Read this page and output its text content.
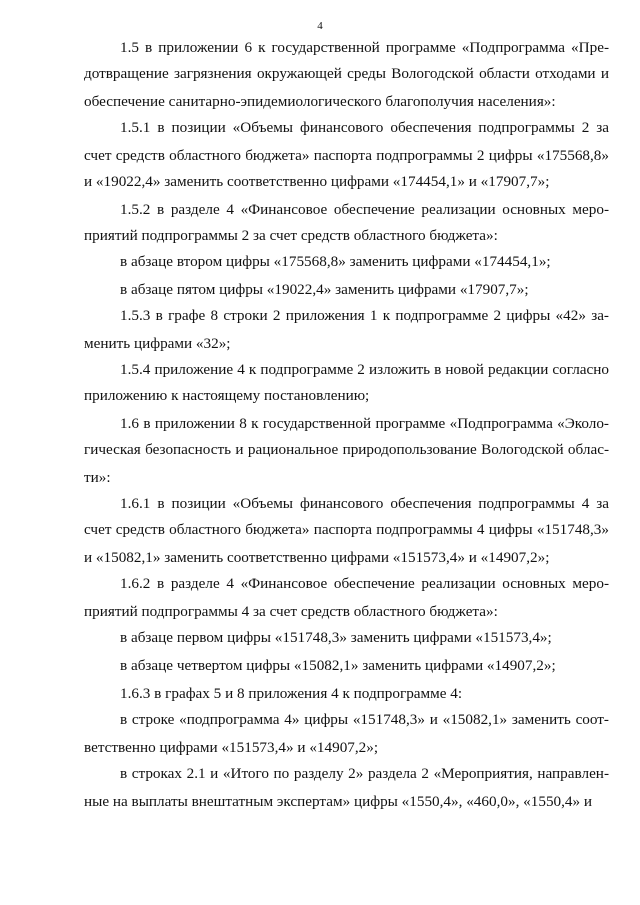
4
1.5 в приложении 6 к государственной программе «Подпрограмма «Пре-
дотвращение загрязнения окружающей среды Вологодской области отходами и
обеспечение санитарно-эпидемиологического благополучия населения»:
1.5.1 в позиции «Объемы финансового обеспечения подпрограммы 2 за
счет средств областного бюджета» паспорта подпрограммы 2 цифры «175568,8»
и «19022,4» заменить соответственно цифрами «174454,1» и «17907,7»;
1.5.2 в разделе 4 «Финансовое обеспечение реализации основных меро-
приятий подпрограммы 2 за счет средств областного бюджета»:
в абзаце втором цифры «175568,8» заменить цифрами «174454,1»;
в абзаце пятом цифры «19022,4» заменить цифрами «17907,7»;
1.5.3 в графе 8 строки 2 приложения 1 к подпрограмме 2 цифры «42» за-
менить цифрами «32»;
1.5.4 приложение 4 к подпрограмме 2 изложить в новой редакции согласно
приложению к настоящему постановлению;
1.6 в приложении 8 к государственной программе «Подпрограмма «Эколо-
гическая безопасность и рациональное природопользование Вологодской облас-
ти»:
1.6.1 в позиции «Объемы финансового обеспечения подпрограммы 4 за
счет средств областного бюджета» паспорта подпрограммы 4 цифры «151748,3»
и «15082,1» заменить соответственно цифрами «151573,4» и «14907,2»;
1.6.2 в разделе 4 «Финансовое обеспечение реализации основных меро-
приятий подпрограммы 4 за счет средств областного бюджета»:
в абзаце первом цифры «151748,3» заменить цифрами «151573,4»;
в абзаце четвертом цифры «15082,1» заменить цифрами «14907,2»;
1.6.3 в графах 5 и 8 приложения 4 к подпрограмме 4:
в строке «подпрограмма 4» цифры «151748,3» и «15082,1» заменить соот-
ветственно цифрами «151573,4» и «14907,2»;
в строках 2.1 и «Итого по разделу 2» раздела 2 «Мероприятия, направлен-
ные на выплаты внештатным экспертам» цифры «1550,4», «460,0», «1550,4» и
